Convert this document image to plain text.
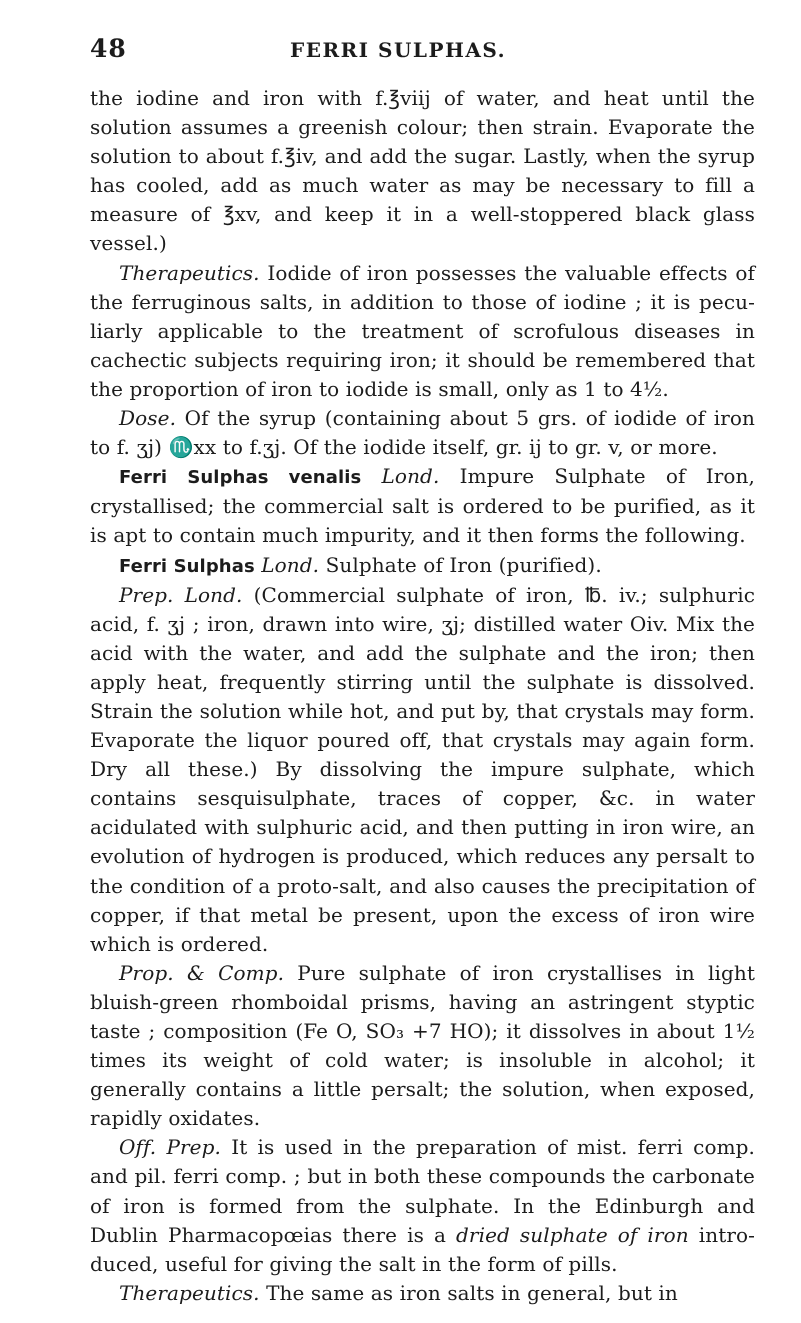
48	FERRI SULPHAS.

the iodine and iron with f.℥viij of water, and heat until the solution assumes a greenish colour; then strain. Evaporate the solution to about f.℥iv, and add the sugar. Lastly, when the syrup has cooled, add as much water as may be necessary to fill a measure of ℥xv, and keep it in a well-stoppered black glass vessel.)

Therapeutics. Iodide of iron possesses the valuable effects of the ferruginous salts, in addition to those of iodine ; it is pecu- liarly applicable to the treatment of scrofulous diseases in cachectic subjects requiring iron; it should be remembered that the proportion of iron to iodide is small, only as 1 to 4½.

Dose. Of the syrup (containing about 5 grs. of iodide of iron to f. ʒj) ♏xx to f.ʒj. Of the iodide itself, gr. ij to gr. v, or more.

Ferri Sulphas venalis Lond. Impure Sulphate of Iron, crystallised; the commercial salt is ordered to be purified, as it is apt to contain much impurity, and it then forms the following.

Ferri Sulphas Lond. Sulphate of Iron (purified).

Prep. Lond. (Commercial sulphate of iron, ℔. iv.; sulphuric acid, f. ʒj ; iron, drawn into wire, ʒj; distilled water Oiv. Mix the acid with the water, and add the sulphate and the iron; then apply heat, frequently stirring until the sulphate is dissolved. Strain the solution while hot, and put by, that crystals may form. Evaporate the liquor poured off, that crystals may again form. Dry all these.) By dissolving the impure sulphate, which contains sesquisulphate, traces of copper, &c. in water acidulated with sulphuric acid, and then putting in iron wire, an evolution of hydrogen is produced, which reduces any persalt to the condition of a proto-salt, and also causes the precipitation of copper, if that metal be present, upon the excess of iron wire which is ordered.

Prop. & Comp. Pure sulphate of iron crystallises in light bluish-green rhomboidal prisms, having an astringent styptic taste ; composition (Fe O, SO₃ +7 HO); it dissolves in about 1½ times its weight of cold water; is insoluble in alcohol; it generally contains a little persalt; the solution, when exposed, rapidly oxidates.

Off. Prep. It is used in the preparation of mist. ferri comp. and pil. ferri comp. ; but in both these compounds the carbonate of iron is formed from the sulphate. In the Edinburgh and Dublin Pharmacopœias there is a dried sulphate of iron intro- duced, useful for giving the salt in the form of pills.

Therapeutics. The same as iron salts in general, but in
